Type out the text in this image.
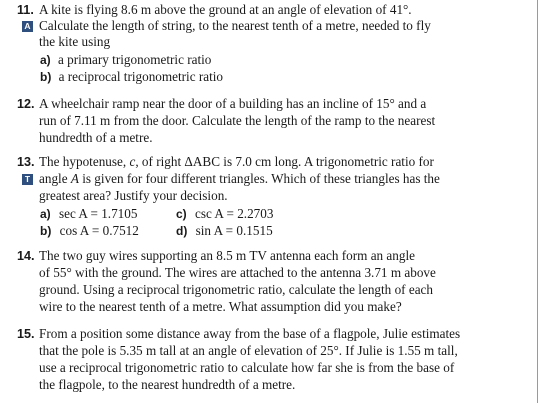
11. A kite is flying 8.6 m above the ground at an angle of elevation of 41°.
A Calculate the length of string, to the nearest tenth of a metre, needed to fly
the kite using
a) a primary trigonometric ratio
b) a reciprocal trigonometric ratio
12. A wheelchair ramp near the door of a building has an incline of 15° and a
run of 7.11 m from the door. Calculate the length of the ramp to the nearest
hundredth of a metre.
13. The hypotenuse, c, of right ΔABC is 7.0 cm long. A trigonometric ratio for
T angle A is given for four different triangles. Which of these triangles has the
greatest area? Justify your decision.
a) sec A = 1.7105	c) csc A = 2.2703
b) cos A = 0.7512	d) sin A = 0.1515
14. The two guy wires supporting an 8.5 m TV antenna each form an angle
of 55° with the ground. The wires are attached to the antenna 3.71 m above
ground. Using a reciprocal trigonometric ratio, calculate the length of each
wire to the nearest tenth of a metre. What assumption did you make?
15. From a position some distance away from the base of a flagpole, Julie estimates
that the pole is 5.35 m tall at an angle of elevation of 25°. If Julie is 1.55 m tall,
use a reciprocal trigonometric ratio to calculate how far she is from the base of
the flagpole, to the nearest hundredth of a metre.
